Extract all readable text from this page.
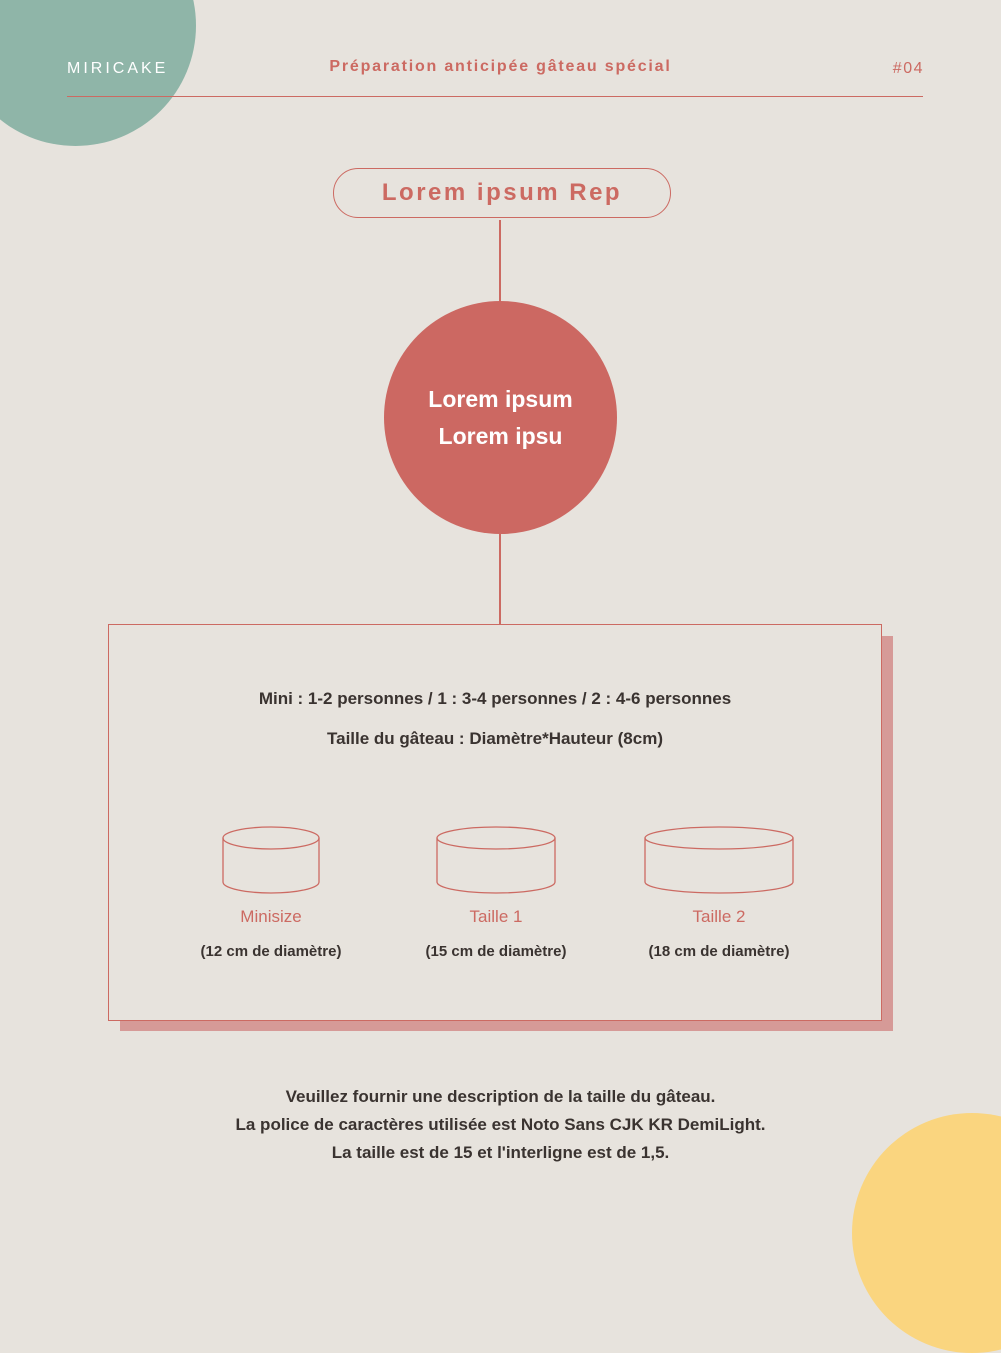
MIRICAKE	Préparation anticipée gâteau spécial	#04
Lorem ipsum Rep
Lorem ipsum
Lorem ipsu
Mini : 1-2 personnes / 1 : 3-4 personnes / 2 : 4-6 personnes
Taille du gâteau : Diamètre*Hauteur (8cm)
Minisize
(12 cm de diamètre)
Taille 1
(15 cm de diamètre)
Taille 2
(18 cm de diamètre)
Veuillez fournir une description de la taille du gâteau.
La police de caractères utilisée est Noto Sans CJK KR DemiLight.
La taille est de 15 et l'interligne est de 1,5.
